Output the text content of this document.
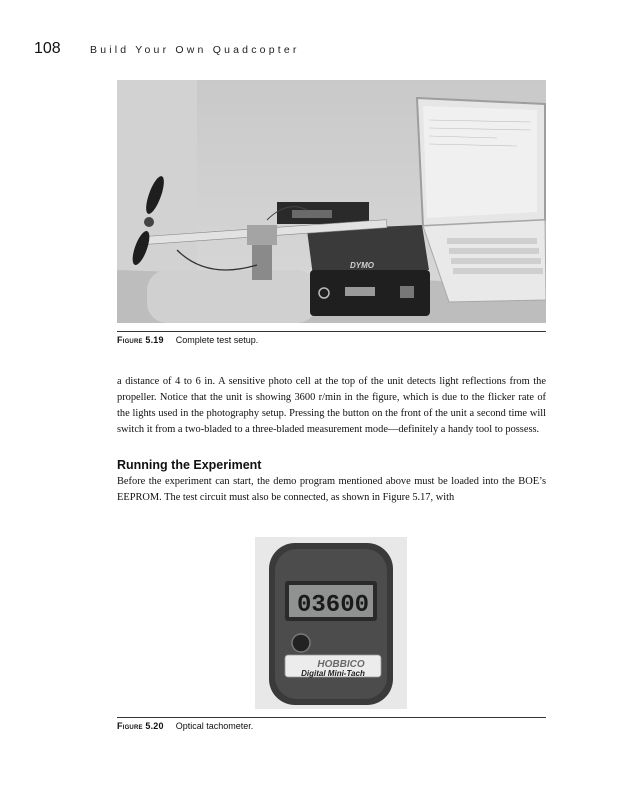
108	Build Your Own Quadcopter
DYMO
Figure 5.19 Complete test setup.

a distance of 4 to 6 in. A sensitive photo cell at the top of the unit detects light reflections from the propeller. Notice that the unit is showing 3600 r/min in the figure, which is due to the flicker rate of the lights used in the photography setup. Pressing the button on the front of the unit a second time will switch it from a two-bladed to a three-bladed measurement mode—definitely a handy tool to possess.

Running the Experiment

Before the experiment can start, the demo program mentioned above must be loaded into the BOE’s EEPROM. The test circuit must also be connected, as shown in Figure 5.17, with

03600
HOBBICO
Digital Mini-Tach
Figure 5.20 Optical tachometer.
